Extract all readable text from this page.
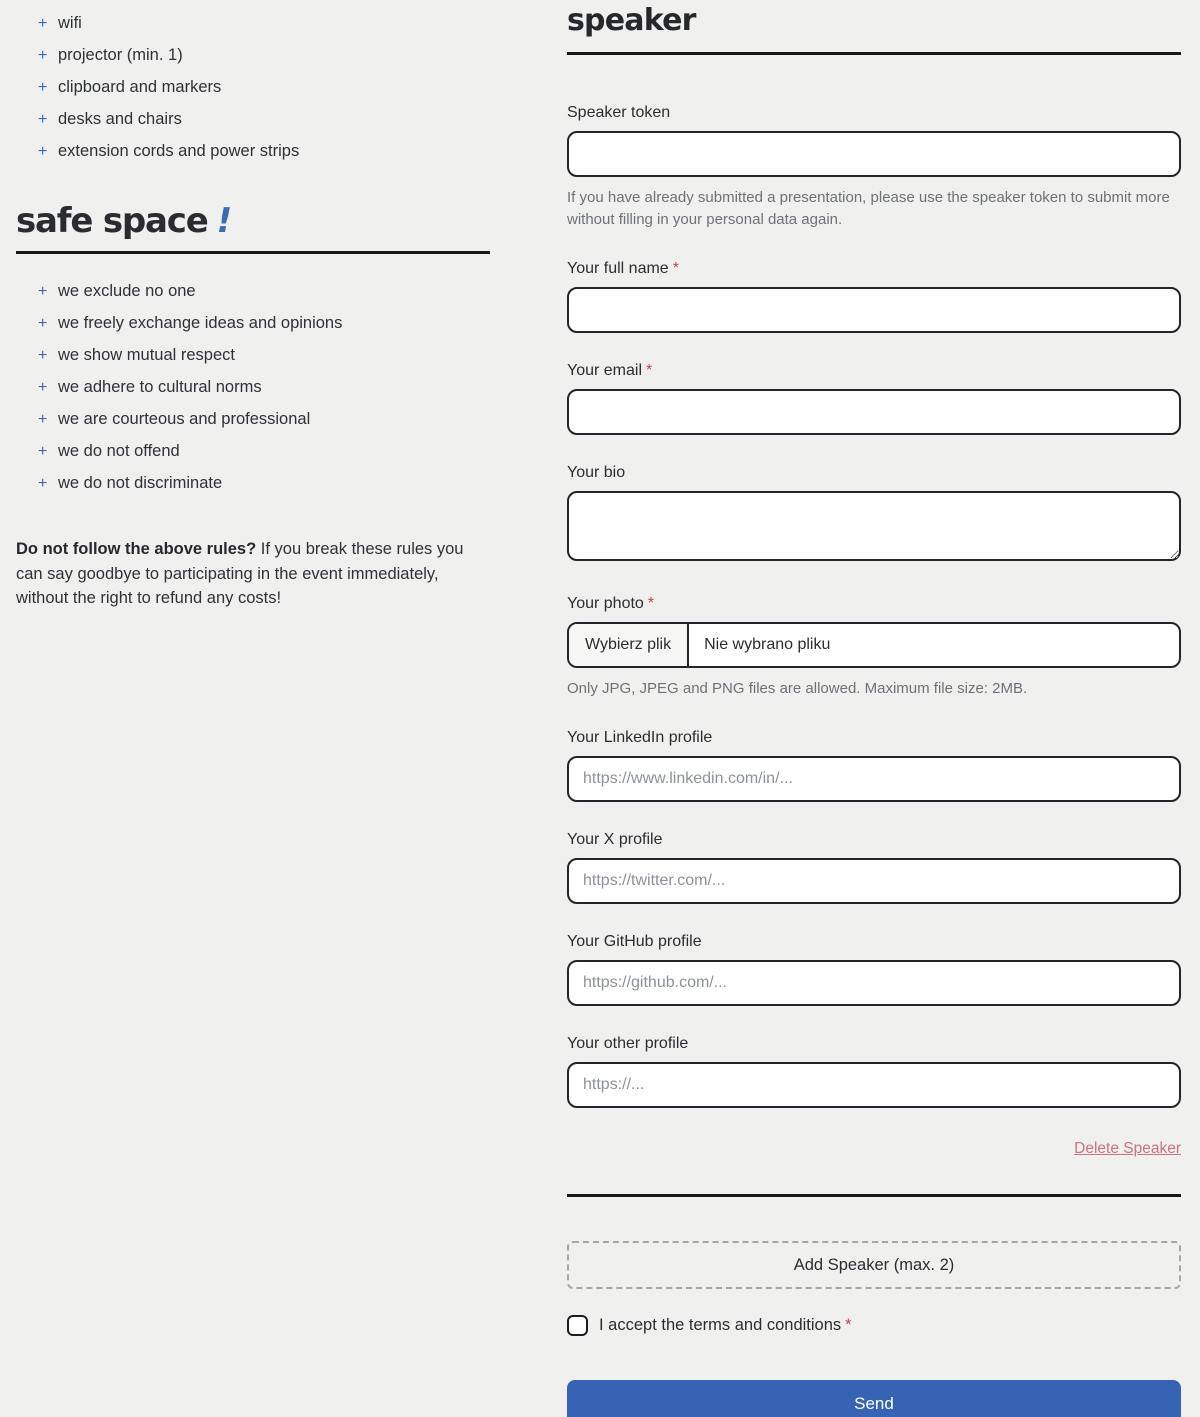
+ wifi
+ projector (min. 1)
+ clipboard and markers
+ desks and chairs
+ extension cords and power strips
safe space !
+ we exclude no one
+ we freely exchange ideas and opinions
+ we show mutual respect
+ we adhere to cultural norms
+ we are courteous and professional
+ we do not offend
+ we do not discriminate

Do not follow the above rules? If you break these rules you can say goodbye to participating in the event immediately, without the right to refund any costs!

speaker
Speaker token
If you have already submitted a presentation, please use the speaker token to submit more without filling in your personal data again.
Your full name *
Your email *
Your bio
Your photo *
Wybierz plik	Nie wybrano pliku
Only JPG, JPEG and PNG files are allowed. Maximum file size: 2MB.
Your LinkedIn profile
https://www.linkedin.com/in/...
Your X profile
https://twitter.com/...
Your GitHub profile
https://github.com/...
Your other profile
https://...
Delete Speaker
Add Speaker (max. 2)
I accept the terms and conditions *
Send
